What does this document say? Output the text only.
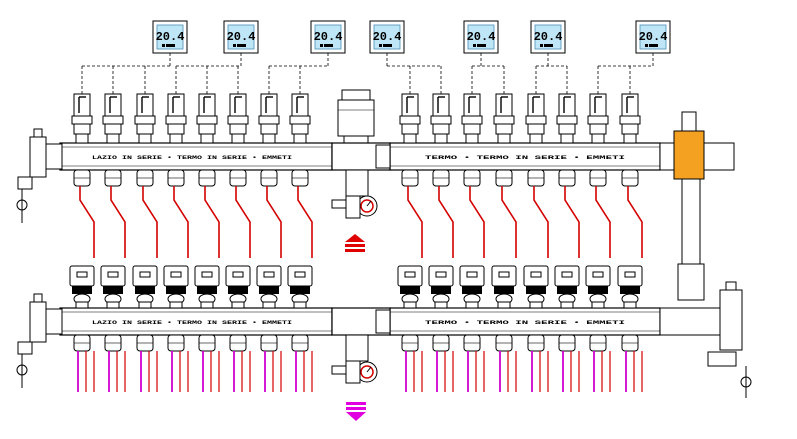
20.4	20.4	20.4	20.4	20.4	20.4	20.4
LAZIO IN SERIE • TERMO IN SERIE • EMMETI	TERMO • TERMO IN SERIE • EMMETI
LAZIO IN SERIE • TERMO IN SERIE • EMMETI	TERMO • TERMO IN SERIE • EMMETI
